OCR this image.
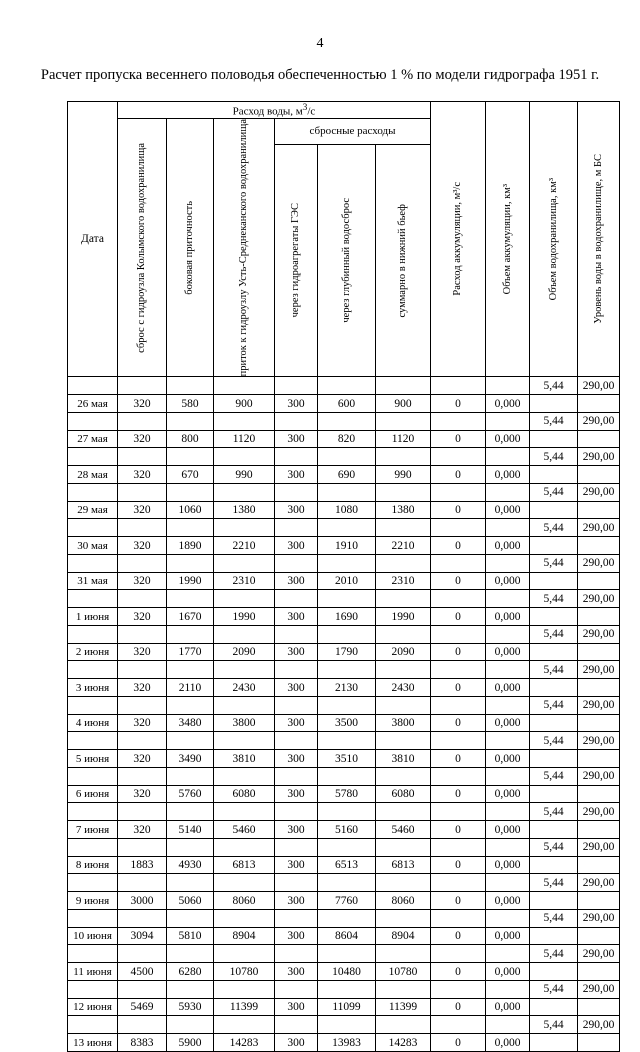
4
Расчет пропуска весеннего половодья обеспеченностью 1 % по модели гидрографа 1951 г.
Дата	Расход воды, $м^3/с$						Расход аккумуляции, м³/с	Объем аккумуляции, км³	Объем водохранилища, км³	Уровень воды в водохранилище, м БС

	сброс с гидроузла Колымского водохранилища	боковая приточность	приток к гидроузлу Усть-Среднеканского водохранилища	сбросные расходы						

				через гидроагрегаты ГЭС	через глубинный водосброс	суммарно в нижний бьеф				

									5,44	290,00
26 мая	320	580	900	300	600	900	0	0,000		
									5,44	290,00
27 мая	320	800	1120	300	820	1120	0	0,000		
									5,44	290,00
28 мая	320	670	990	300	690	990	0	0,000		
									5,44	290,00
29 мая	320	1060	1380	300	1080	1380	0	0,000		
									5,44	290,00
30 мая	320	1890	2210	300	1910	2210	0	0,000		
									5,44	290,00
31 мая	320	1990	2310	300	2010	2310	0	0,000		
									5,44	290,00
1 июня	320	1670	1990	300	1690	1990	0	0,000		
									5,44	290,00
2 июня	320	1770	2090	300	1790	2090	0	0,000		
									5,44	290,00
3 июня	320	2110	2430	300	2130	2430	0	0,000		
									5,44	290,00
4 июня	320	3480	3800	300	3500	3800	0	0,000		
									5,44	290,00
5 июня	320	3490	3810	300	3510	3810	0	0,000		
									5,44	290,00
6 июня	320	5760	6080	300	5780	6080	0	0,000		
									5,44	290,00
7 июня	320	5140	5460	300	5160	5460	0	0,000		
									5,44	290,00
8 июня	1883	4930	6813	300	6513	6813	0	0,000		
									5,44	290,00
9 июня	3000	5060	8060	300	7760	8060	0	0,000		
									5,44	290,00
10 июня	3094	5810	8904	300	8604	8904	0	0,000		
									5,44	290,00
11 июня	4500	6280	10780	300	10480	10780	0	0,000		
									5,44	290,00
12 июня	5469	5930	11399	300	11099	11399	0	0,000		
									5,44	290,00
13 июня	8383	5900	14283	300	13983	14283	0	0,000		
